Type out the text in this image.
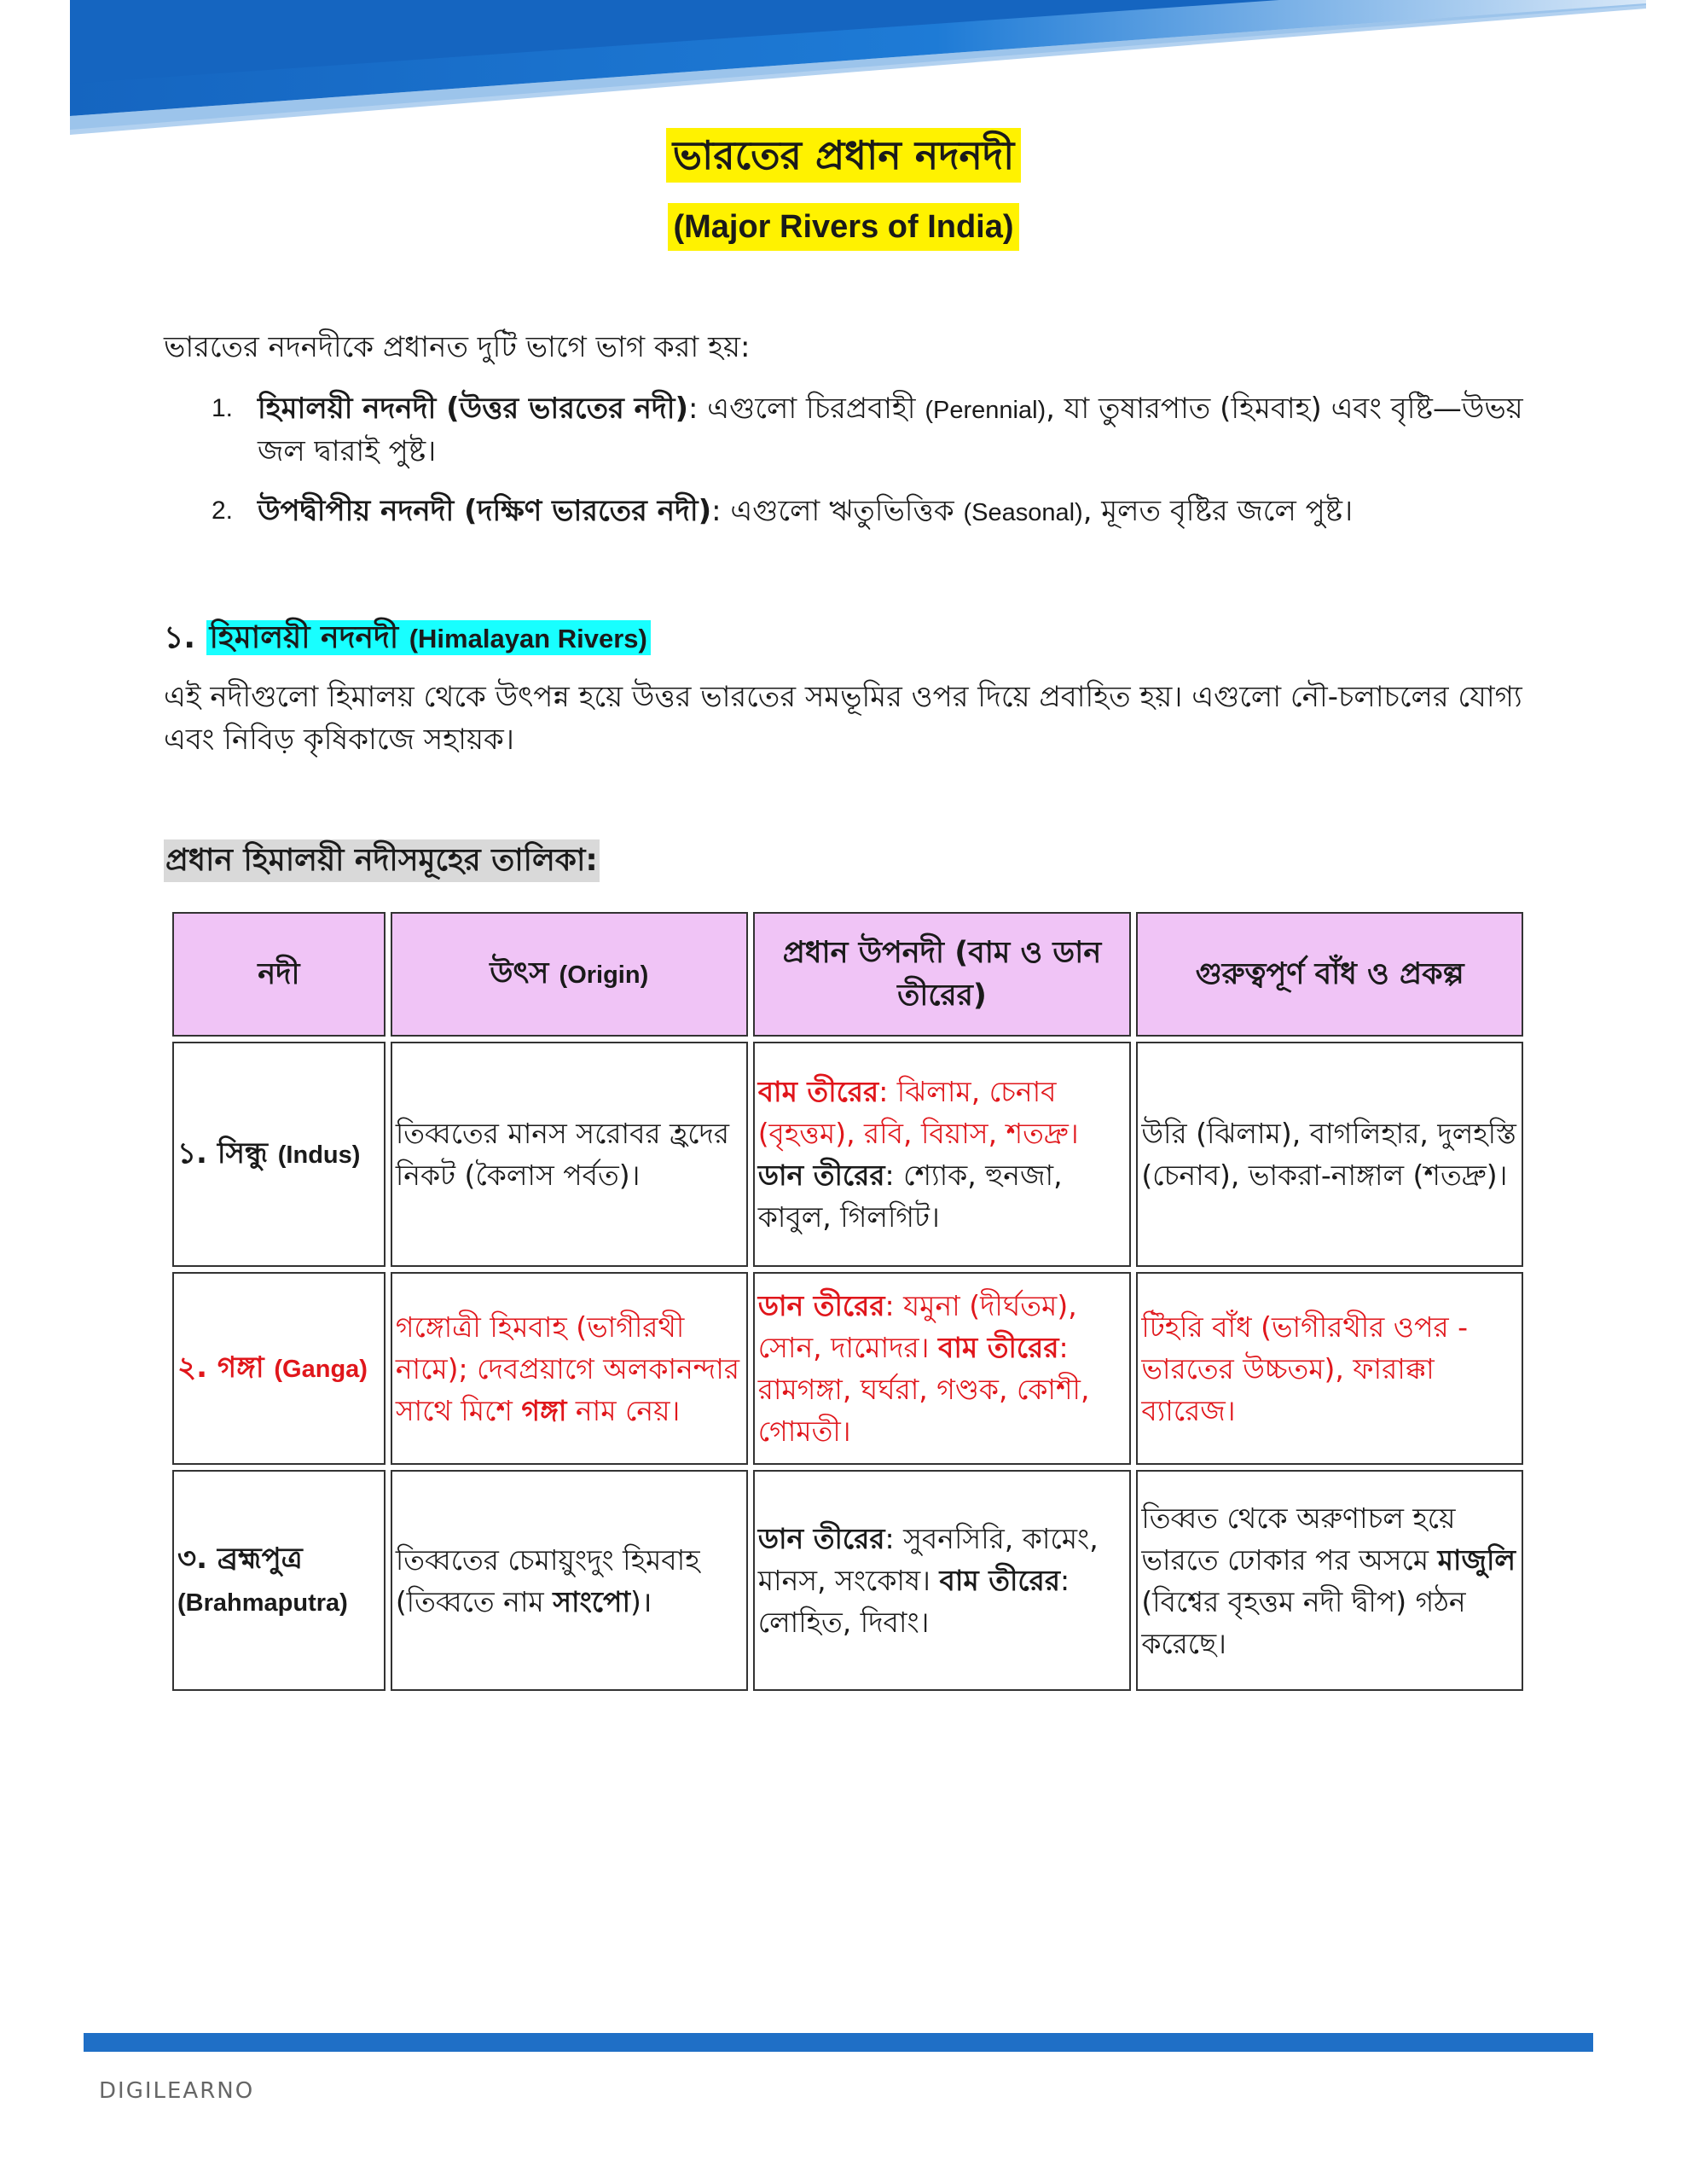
ভারতের প্রধান নদনদী
(Major Rivers of India)
ভারতের নদনদীকে প্রধানত দুটি ভাগে ভাগ করা হয়:
1. হিমালয়ী নদনদী (উত্তর ভারতের নদী): এগুলো চিরপ্রবাহী (Perennial), যা তুষারপাত (হিমবাহ) এবং বৃষ্টি—উভয় জল দ্বারাই পুষ্ট।
2. উপদ্বীপীয় নদনদী (দক্ষিণ ভারতের নদী): এগুলো ঋতুভিত্তিক (Seasonal), মূলত বৃষ্টির জলে পুষ্ট।
১. হিমালয়ী নদনদী (Himalayan Rivers)
এই নদীগুলো হিমালয় থেকে উৎপন্ন হয়ে উত্তর ভারতের সমভূমির ওপর দিয়ে প্রবাহিত হয়। এগুলো নৌ-চলাচলের যোগ্য এবং নিবিড় কৃষিকাজে সহায়ক।
প্রধান হিমালয়ী নদীসমূহের তালিকা:
নদী	উৎস (Origin)	প্রধান উপনদী (বাম ও ডান তীরের)	গুরুত্বপূর্ণ বাঁধ ও প্রকল্প
১. সিন্ধু (Indus)	তিব্বতের মানস সরোবর হ্রদের নিকট (কৈলাস পর্বত)।	বাম তীরের: ঝিলাম, চেনাব (বৃহত্তম), রবি, বিয়াস, শতদ্রু। ডান তীরের: শ্যোক, হুনজা, কাবুল, গিলগিট।	উরি (ঝিলাম), বাগলিহার, দুলহস্তি (চেনাব), ভাকরা-নাঙ্গাল (শতদ্রু)।
২. গঙ্গা (Ganga)	গঙ্গোত্রী হিমবাহ (ভাগীরথী নামে); দেবপ্রয়াগে অলকানন্দার সাথে মিশে গঙ্গা নাম নেয়।	ডান তীরের: যমুনা (দীর্ঘতম), সোন, দামোদর। বাম তীরের: রামগঙ্গা, ঘর্ঘরা, গণ্ডক, কোশী, গোমতী।	টিহরি বাঁধ (ভাগীরথীর ওপর - ভারতের উচ্চতম), ফারাক্কা ব্যারেজ।
৩. ব্রহ্মপুত্র
(Brahmaputra)	তিব্বতের চেমায়ুংদুং হিমবাহ (তিব্বতে নাম সাংপো)।	ডান তীরের: সুবনসিরি, কামেং, মানস, সংকোষ। বাম তীরের: লোহিত, দিবাং।	তিব্বত থেকে অরুণাচল হয়ে ভারতে ঢোকার পর অসমে মাজুলি (বিশ্বের বৃহত্তম নদী দ্বীপ) গঠন করেছে।
DIGILEARNO
